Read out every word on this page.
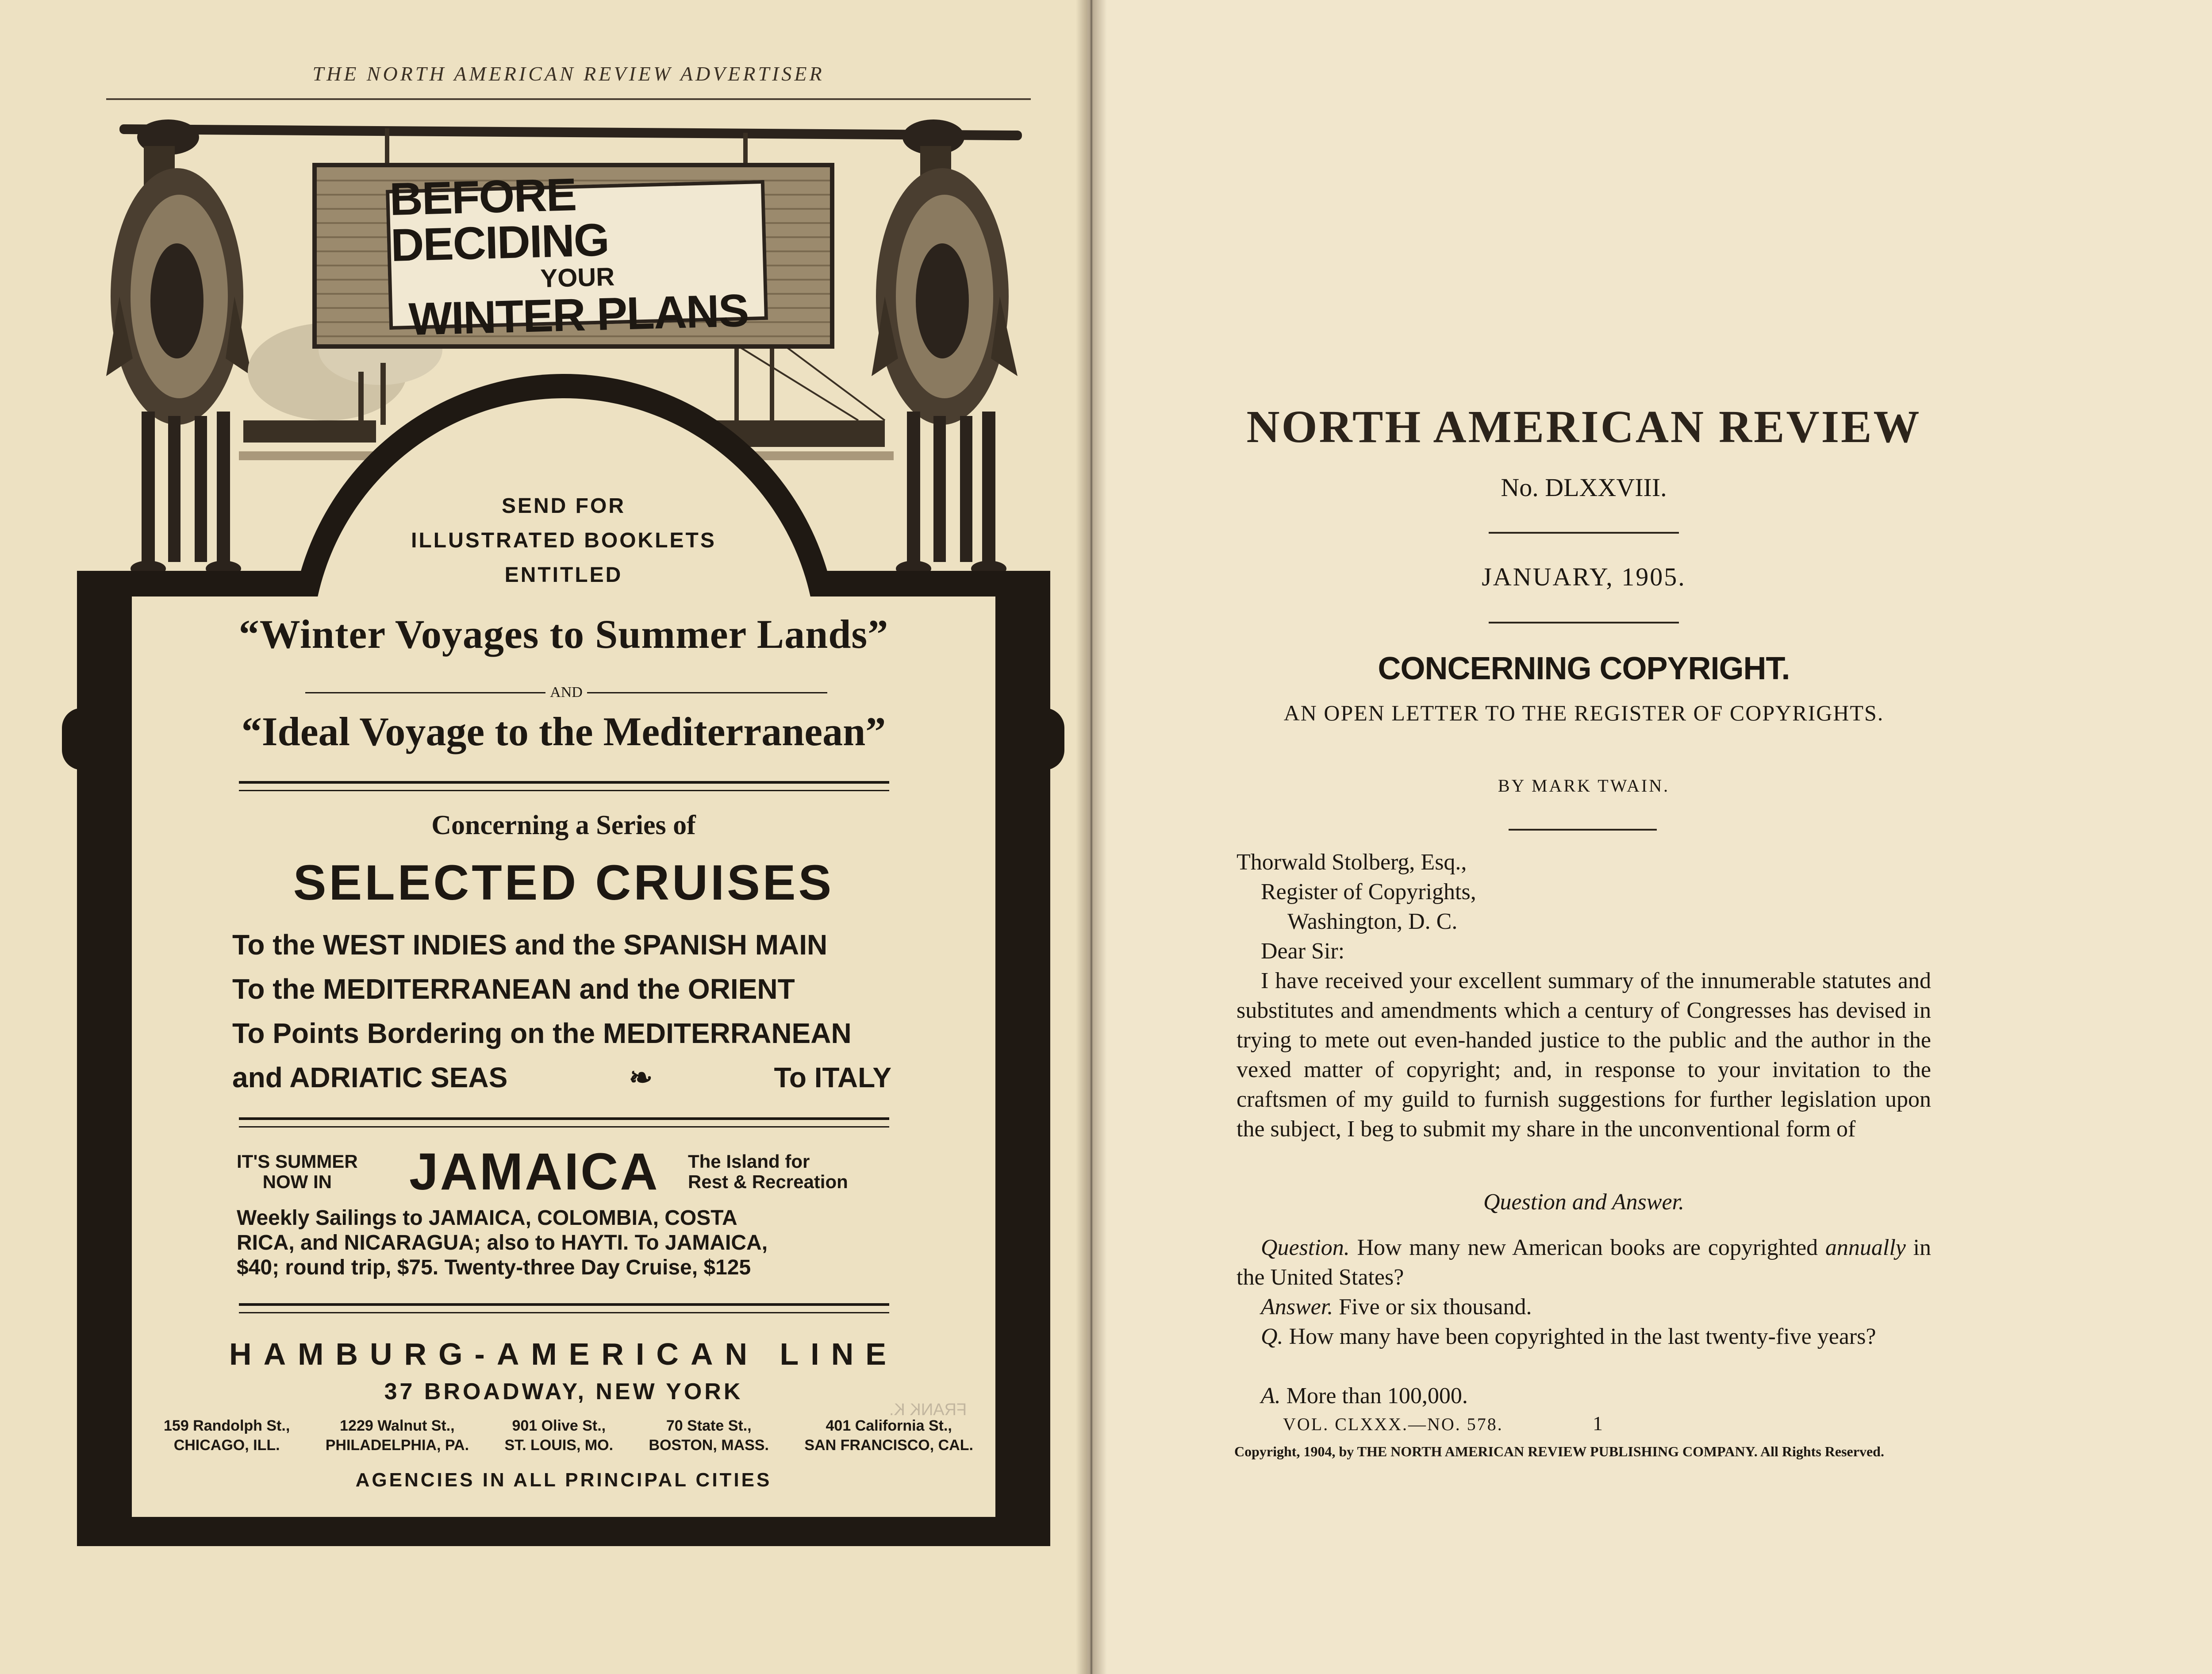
THE NORTH AMERICAN REVIEW ADVERTISER
BEFORE DECIDING
YOUR
WINTER PLANS
SEND FOR
ILLUSTRATED BOOKLETS
ENTITLED
“Winter Voyages to Summer Lands”
AND
“Ideal Voyage to the Mediterranean”
Concerning a Series of
SELECTED CRUISES
To the WEST INDIES and the SPANISH MAIN
To the MEDITERRANEAN and the ORIENT
To Points Bordering on the MEDITERRANEAN
and ADRIATIC SEAS	❧	To ITALY
IT'S SUMMER
NOW IN	JAMAICA The Island for
Rest & Recreation
Weekly Sailings to JAMAICA, COLOMBIA, COSTA
RICA, and NICARAGUA; also to HAYTI. To JAMAICA,
$40; round trip, $75. Twenty-three Day Cruise, $125
HAMBURG-AMERICAN LINE
37 BROADWAY, NEW YORK
159 Randolph St.,
CHICAGO, ILL.
1229 Walnut St.,
PHILADELPHIA, PA.
901 Olive St.,
ST. LOUIS, MO.
70 State St.,
BOSTON, MASS.
401 California St.,
SAN FRANCISCO, CAL.
FRANK K.
AGENCIES IN ALL PRINCIPAL CITIES
NORTH AMERICAN REVIEW
No. DLXXVIII.
JANUARY, 1905.
CONCERNING COPYRIGHT.
AN OPEN LETTER TO THE REGISTER OF COPYRIGHTS.
BY MARK TWAIN.

Thorwald Stolberg, Esq.,

Register of Copyrights,

Washington, D. C.

Dear Sir:

I have received your excellent summary of the innumerable statutes and substitutes and amendments which a century of Congresses has devised in trying to mete out even-handed justice to the public and the author in the vexed matter of copyright; and, in response to your invitation to the craftsmen of my guild to furnish suggestions for further legislation upon the subject, I beg to submit my share in the unconventional form of
Question and Answer.
Question. How many new American books are copyrighted annually in the United States?
Answer. Five or six thousand.
Q. How many have been copyrighted in the last twenty-five years?
A. More than 100,000.
VOL. CLXXX.—NO. 578.	1
Copyright, 1904, by THE NORTH AMERICAN REVIEW PUBLISHING COMPANY. All Rights Reserved.
